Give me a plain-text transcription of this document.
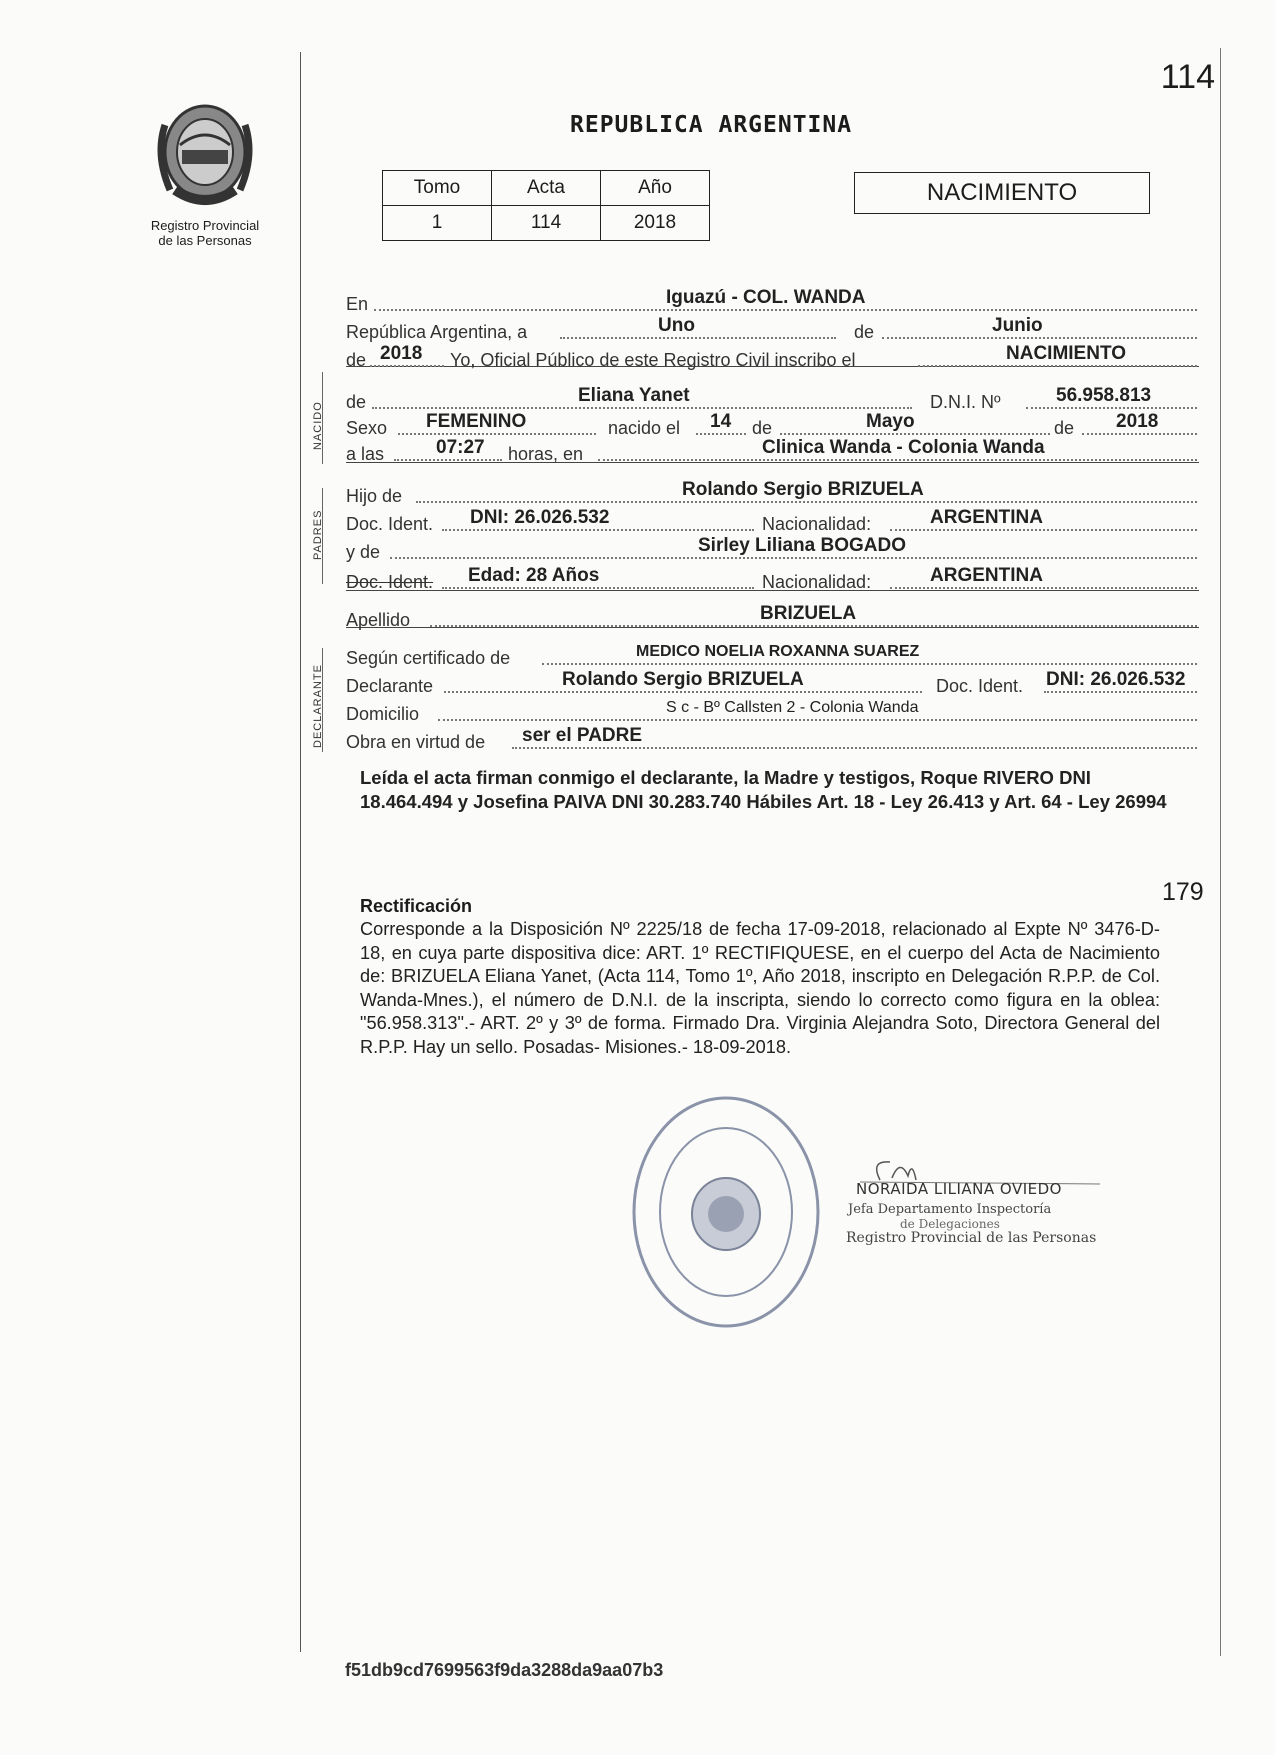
Registro Provincial
de las Personas
114
REPUBLICA ARGENTINA
Tomo	Acta	Año
1	114	2018
NACIMIENTO
NACIDO
PADRES
DECLARANTE
En	Iguazú - COL. WANDA
República Argentina, a	Uno	de	Junio
de 2018 Yo, Oficial Público de este Registro Civil inscribo el	NACIMIENTO
de	Eliana Yanet	D.N.I. Nº	56.958.813
Sexo FEMENINO	nacido el 14 de	Mayo	de 2018
a las	07:27 horas, en	Clinica Wanda - Colonia Wanda
Hijo de	Rolando Sergio BRIZUELA
Doc. Ident. DNI: 26.026.532	Nacionalidad:	ARGENTINA
y de	Sirley Liliana BOGADO
Doc. Ident. Edad: 28 Años	Nacionalidad:	ARGENTINA
Apellido	BRIZUELA
Según certificado de	MEDICO NOELIA ROXANNA SUAREZ
Declarante	Rolando Sergio BRIZUELA	Doc. Ident. DNI: 26.026.532
Domicilio	S c - Bº Callsten 2 - Colonia Wanda
Obra en virtud de ser el PADRE
Leída el acta firman conmigo el declarante, la Madre y testigos, Roque RIVERO DNI 18.464.494 y Josefina PAIVA DNI 30.283.740 Hábiles Art. 18 - Ley 26.413 y Art. 64 - Ley 26994
179
Rectificación
Corresponde a la Disposición Nº 2225/18 de fecha 17-09-2018, relacionado al Expte Nº 3476-D-18, en cuya parte dispositiva dice: ART. 1º RECTIFIQUESE, en el cuerpo del Acta de Nacimiento de: BRIZUELA Eliana Yanet, (Acta 114, Tomo 1º, Año 2018, inscripto en Delegación R.P.P. de Col. Wanda-Mnes.), el número de D.N.I. de la inscripta, siendo lo correcto como figura en la oblea: "56.958.313".- ART. 2º y 3º de forma. Firmado Dra. Virginia Alejandra Soto, Directora General del R.P.P. Hay un sello. Posadas- Misiones.- 18-09-2018.
NORAIDA LILIANA OVIEDO
Jefa Departamento Inspectoría
de Delegaciones
Registro Provincial de las Personas
f51db9cd7699563f9da3288da9aa07b3
